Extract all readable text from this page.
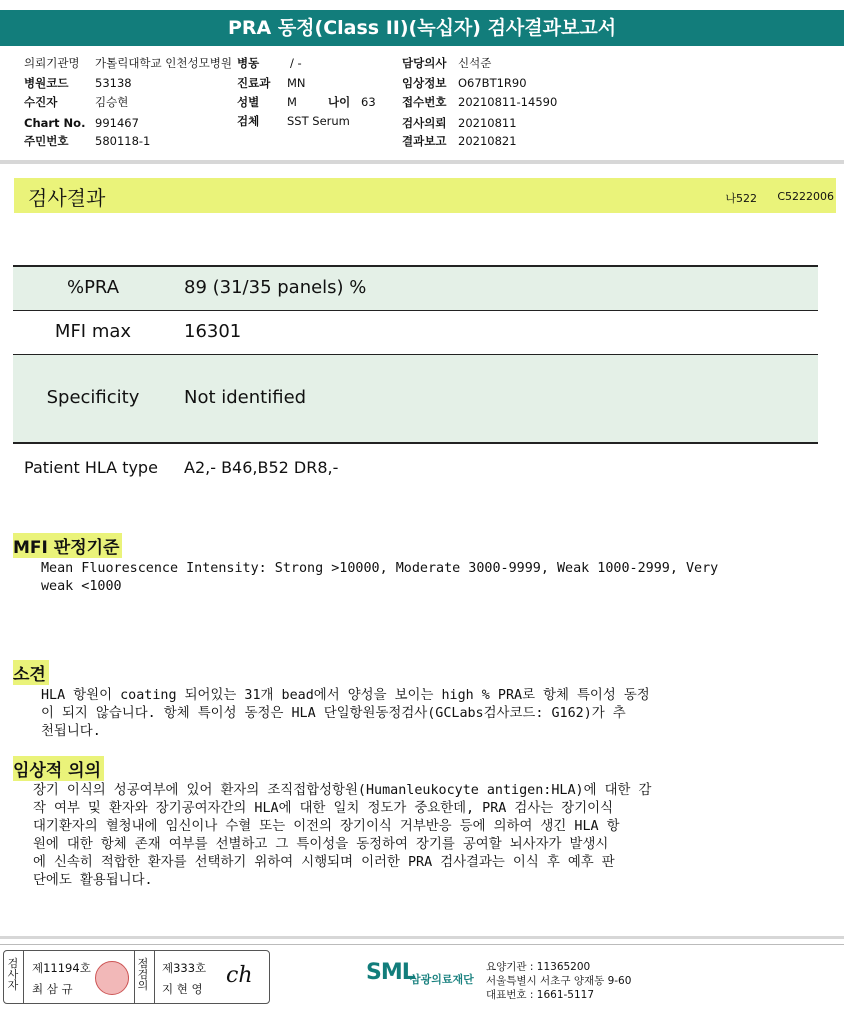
PRA 동정(Class II)(녹십자) 검사결과보고서
의뢰기관명 가톨릭대학교 인천성모병원 병동	/ -	담당의사 신석준
병원코드 53138	진료과 MN	임상정보 O67BT1R90
수진자	김승현	성별 M	나이 63 접수번호 20210811-14590
Chart No. 991467	검체 SST Serum	검사의뢰 20210811
주민번호 580118-1	결과보고 20210821
검사결과	나522 C5222006
%PRA	89 (31/35 panels) %
MFI max	16301
Specificity	Not identified
Patient HLA type	A2,- B46,B52 DR8,-
MFI 판정기준
Mean Fluorescence Intensity: Strong >10000, Moderate 3000-9999, Weak 1000-2999, Very
weak <1000
소견
HLA 항원이 coating 되어있는 31개 bead에서 양성을 보이는 high % PRA로 항체 특이성 동정
이 되지 않습니다. 항체 특이성 동정은 HLA 단일항원동정검사(GCLabs검사코드: G162)가 추
천됩니다.
임상적 의의
장기 이식의 성공여부에 있어 환자의 조직접합성항원(Humanleukocyte antigen:HLA)에 대한 감
작 여부 및 환자와 장기공여자간의 HLA에 대한 일치 정도가 중요한데, PRA 검사는 장기이식
대기환자의 혈청내에 임신이나 수혈 또는 이전의 장기이식 거부반응 등에 의하여 생긴 HLA 항
원에 대한 항체 존재 여부를 선별하고 그 특이성을 동정하여 장기를 공여할 뇌사자가 발생시
에 신속히 적합한 환자를 선택하기 위하여 시행되며 이러한 PRA 검사결과는 이식 후 예후 판
단에도 활용됩니다.
검사자
제11194호
최 삼 규
점검의
제333호
지 현 영
ch	SML
삼광의료재단
요양기관 : 11365200
서울특별시 서초구 양재동 9-60
대표번호 : 1661-5117
